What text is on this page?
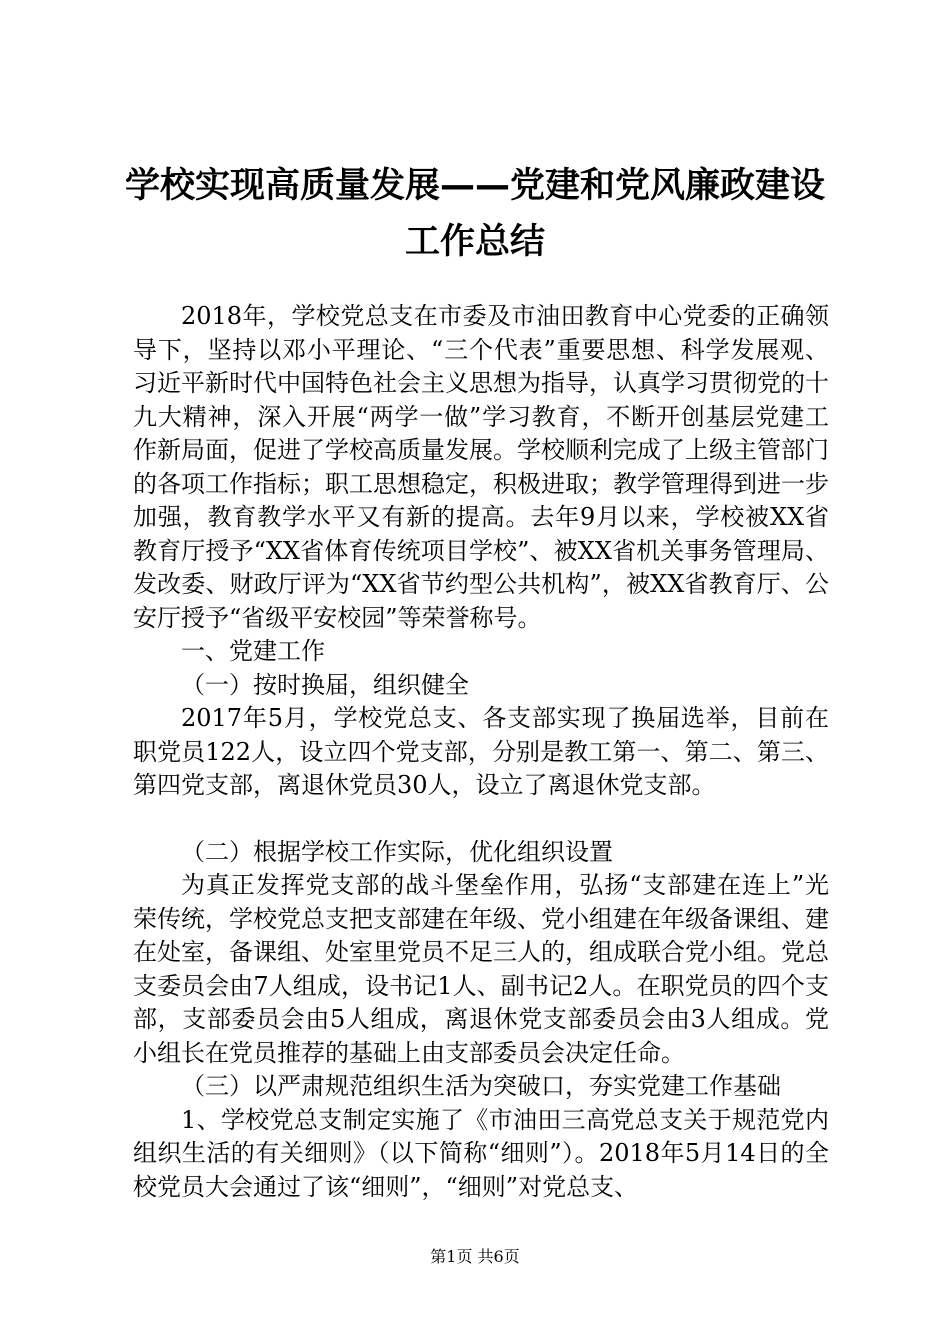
学校实现高质量发展——党建和党风廉政建设
工作总结

2018年，学校党总支在市委及市油田教育中心党委的正确领导下，坚持以邓小平理论、“三个代表”重要思想、科学发展观、习近平新时代中国特色社会主义思想为指导，认真学习贯彻党的十九大精神，深入开展“两学一做”学习教育，不断开创基层党建工作新局面，促进了学校高质量发展。学校顺利完成了上级主管部门的各项工作指标；职工思想稳定，积极进取；教学管理得到进一步加强，教育教学水平又有新的提高。去年9月以来，学校被XX省教育厅授予“XX省体育传统项目学校”、被XX省机关事务管理局、发改委、财政厅评为“XX省节约型公共机构”，被XX省教育厅、公安厅授予“省级平安校园”等荣誉称号。

一、党建工作

（一）按时换届，组织健全

2017年5月，学校党总支、各支部实现了换届选举，目前在职党员122人，设立四个党支部，分别是教工第一、第二、第三、第四党支部，离退休党员30人，设立了离退休党支部。

（二）根据学校工作实际，优化组织设置

为真正发挥党支部的战斗堡垒作用，弘扬“支部建在连上”光荣传统，学校党总支把支部建在年级、党小组建在年级备课组、建在处室，备课组、处室里党员不足三人的，组成联合党小组。党总支委员会由7人组成，设书记1人、副书记2人。在职党员的四个支部，支部委员会由5人组成，离退休党支部委员会由3人组成。党小组长在党员推荐的基础上由支部委员会决定任命。

（三）以严肃规范组织生活为突破口，夯实党建工作基础

1、学校党总支制定实施了《市油田三高党总支关于规范党内组织生活的有关细则》（以下简称“细则”）。2018年5月14日的全校党员大会通过了该“细则”，“细则”对党总支、

第1页 共6页
